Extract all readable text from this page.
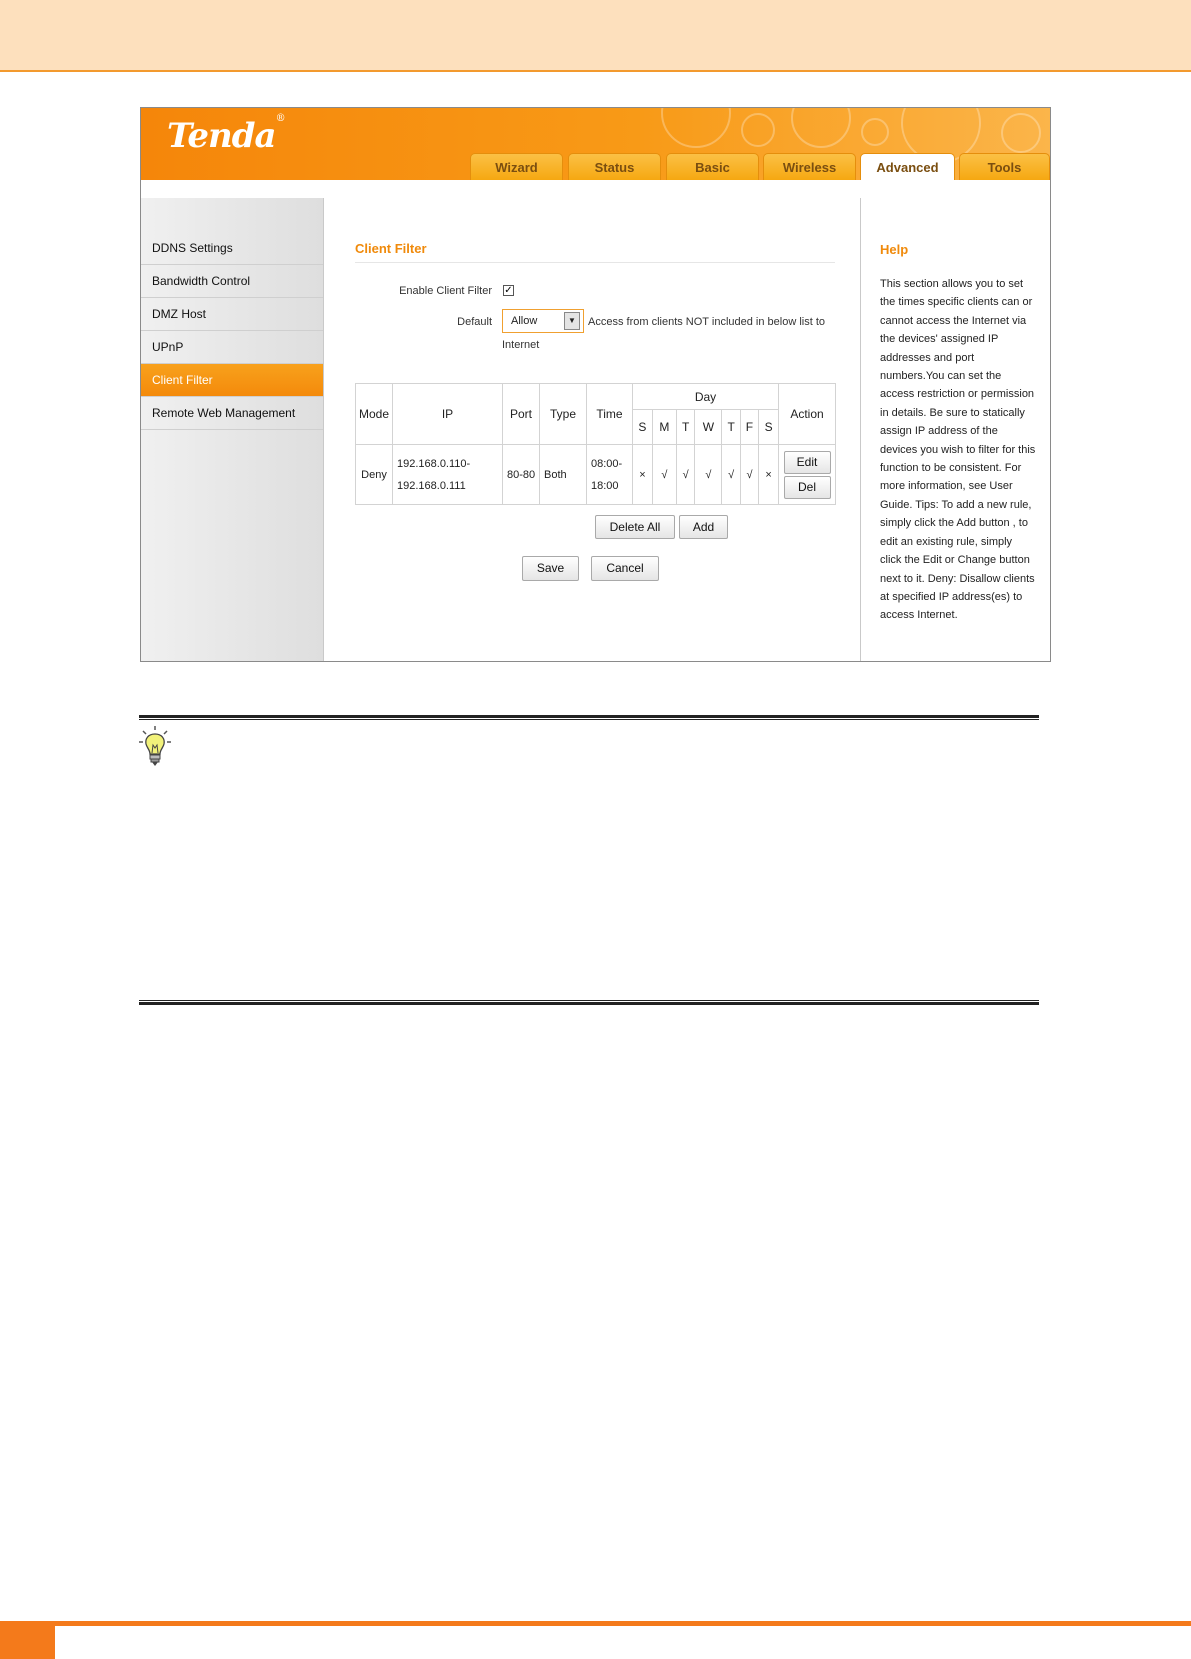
Tenda®
Wizard	Status	Basic	Wireless	Advanced	Tools
DDNS Settings
Bandwidth Control
DMZ Host
UPnP
Client Filter
Remote Web Management
Client Filter
Enable Client Filter ✓
Default	Allow	▼	Access from clients NOT included in below list to Internet
Mode	IP	Port	Type	Time	Day							Action
					S	M	T	W	T	F	S	
Deny	192.168.0.110-192.168.0.111	80-80	Both	08:00-18:00	×	√	√	√	√	√	×	Edit Del
Delete All	Add
Save	Cancel
Help
This section allows you to set the times specific clients can or cannot access the Internet via the devices' assigned IP addresses and port numbers.You can set the access restriction or permission in details. Be sure to statically assign IP address of the devices you wish to filter for this function to be consistent. For more information, see User Guide. Tips: To add a new rule, simply click the Add button , to edit an existing rule, simply click the Edit or Change button next to it. Deny: Disallow clients at specified IP address(es) to access Internet.
